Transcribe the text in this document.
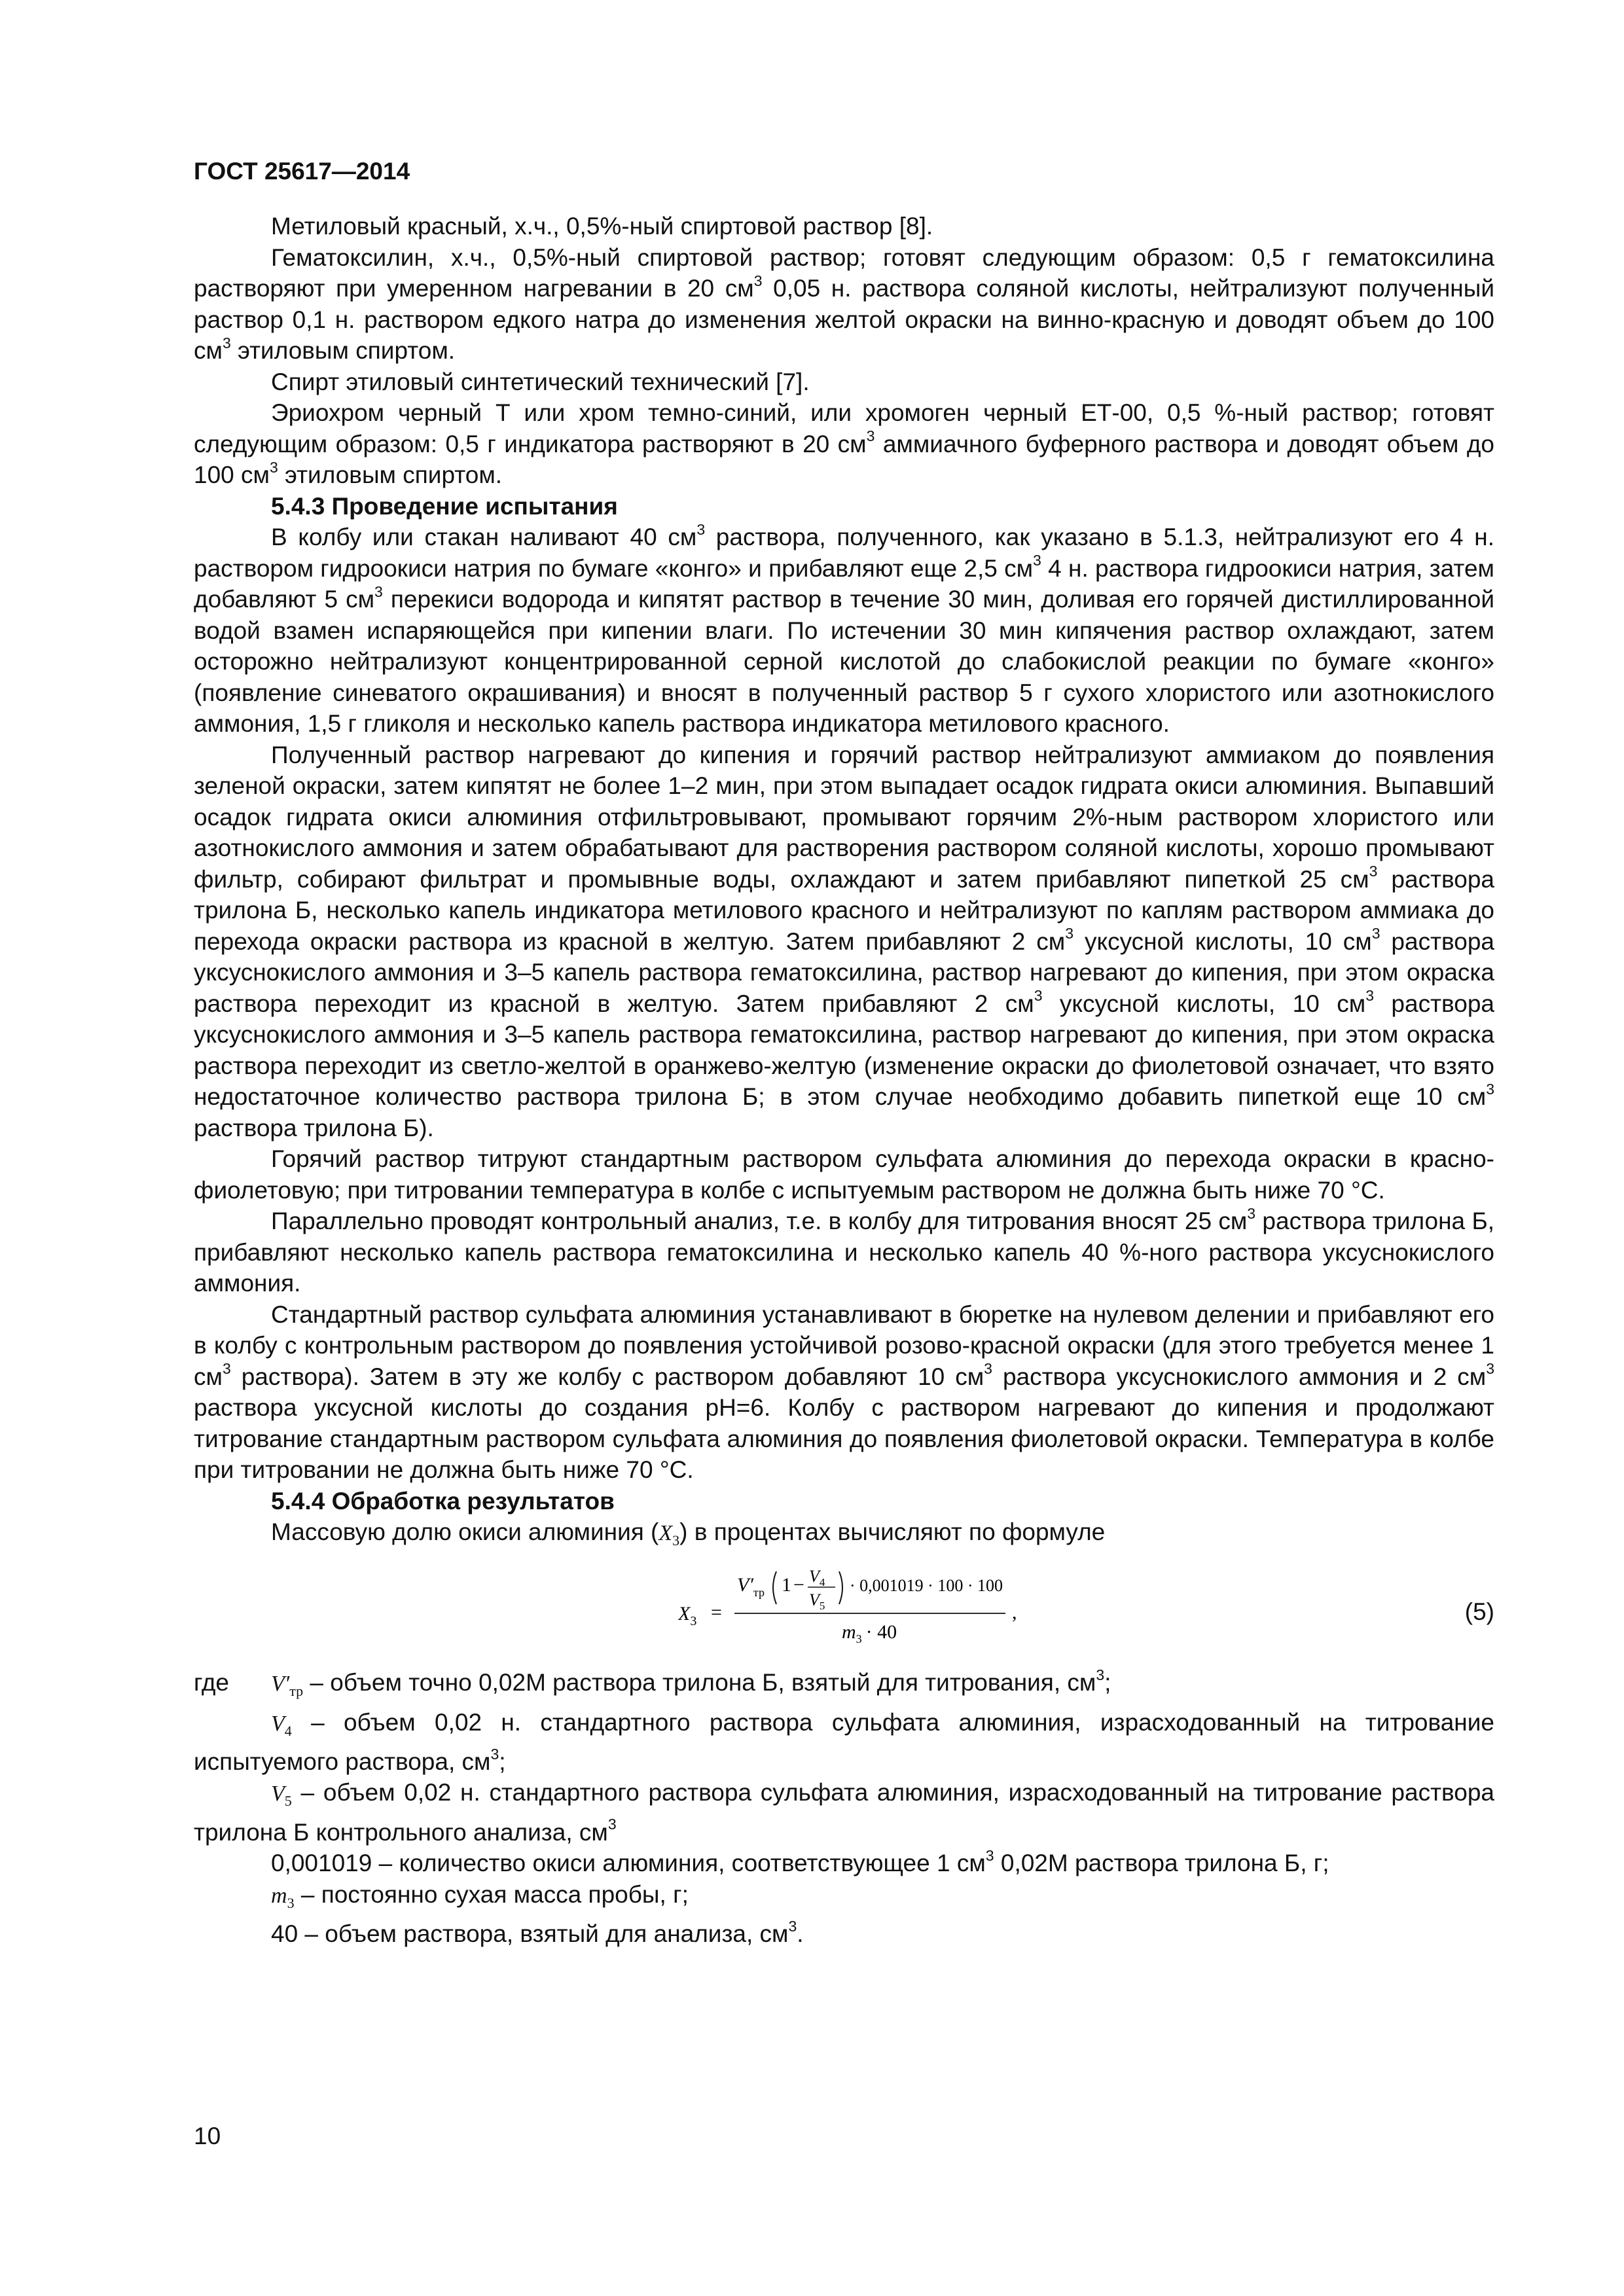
ГОСТ 25617—2014

Метиловый красный, х.ч., 0,5%-ный спиртовой раствор [8].

Гематоксилин, х.ч., 0,5%-ный спиртовой раствор; готовят следующим образом: 0,5 г гематоксилина растворяют при умеренном нагревании в 20 $см^3$ 0,05 н. раствора соляной кислоты, нейтрализуют полученный раствор 0,1 н. раствором едкого натра до изменения желтой окраски на винно-красную и доводят объем до 100 $см^3$ этиловым спиртом.

Спирт этиловый синтетический технический [7].

Эриохром черный Т или хром темно-синий, или хромоген черный ЕТ-00, 0,5 %-ный раствор; готовят следующим образом: 0,5 г индикатора растворяют в 20 $см^3$ аммиачного буферного раствора и доводят объем до 100 $см^3$ этиловым спиртом.

5.4.3 Проведение испытания

В колбу или стакан наливают 40 $см^3$ раствора, полученного, как указано в 5.1.3, нейтрализуют его 4 н. раствором гидроокиси натрия по бумаге «конго» и прибавляют еще 2,5 $см^3$ 4 н. раствора гидроокиси натрия, затем добавляют 5 $см^3$ перекиси водорода и кипятят раствор в течение 30 мин, доливая его горячей дистиллированной водой взамен испаряющейся при кипении влаги. По истечении 30 мин кипячения раствор охлаждают, затем осторожно нейтрализуют концентрированной серной кислотой до слабокислой реакции по бумаге «конго» (появление синеватого окрашивания) и вносят в полученный раствор 5 г сухого хлористого или азотнокислого аммония, 1,5 г гликоля и несколько капель раствора индикатора метилового красного.

Полученный раствор нагревают до кипения и горячий раствор нейтрализуют аммиаком до появления зеленой окраски, затем кипятят не более 1–2 мин, при этом выпадает осадок гидрата окиси алюминия. Выпавший осадок гидрата окиси алюминия отфильтровывают, промывают горячим 2%-ным раствором хлористого или азотнокислого аммония и затем обрабатывают для растворения раствором соляной кислоты, хорошо промывают фильтр, собирают фильтрат и промывные воды, охлаждают и затем прибавляют пипеткой 25 $см^3$ раствора трилона Б, несколько капель индикатора метилового красного и нейтрализуют по каплям раствором аммиака до перехода окраски раствора из красной в желтую. Затем прибавляют 2 $см^3$ уксусной кислоты, 10 $см^3$ раствора уксуснокислого аммония и 3–5 капель раствора гематоксилина, раствор нагревают до кипения, при этом окраска раствора переходит из красной в желтую. Затем прибавляют 2 $см^3$ уксусной кислоты, 10 $см^3$ раствора уксуснокислого аммония и 3–5 капель раствора гематоксилина, раствор нагревают до кипения, при этом окраска раствора переходит из светло-желтой в оранжево-желтую (изменение окраски до фиолетовой означает, что взято недостаточное количество раствора трилона Б; в этом случае необходимо добавить пипеткой еще 10 $см^3$ раствора трилона Б).

Горячий раствор титруют стандартным раствором сульфата алюминия до перехода окраски в красно-фиолетовую; при титровании температура в колбе с испытуемым раствором не должна быть ниже 70 °С.

Параллельно проводят контрольный анализ, т.е. в колбу для титрования вносят 25 $см^3$ раствора трилона Б, прибавляют несколько капель раствора гематоксилина и несколько капель 40 %-ного раствора уксуснокислого аммония.

Стандартный раствор сульфата алюминия устанавливают в бюретке на нулевом делении и прибавляют его в колбу с контрольным раствором до появления устойчивой розово-красной окраски (для этого требуется менее 1 $см^3$ раствора). Затем в эту же колбу с раствором добавляют 10 $см^3$ раствора уксуснокислого аммония и 2 $см^3$ раствора уксусной кислоты до создания рН=6. Колбу с раствором нагревают до кипения и продолжают титрование стандартным раствором сульфата алюминия до появления фиолетовой окраски. Температура в колбе при титровании не должна быть ниже 70 °С.

5.4.4 Обработка результатов

Массовую долю окиси алюминия $(X_3)$ в процентах вычисляют по формуле

$X_3$ =
$V'_{тр}$ $1 - V_4$
$V_5$
· 0,001019 · 100 · 100
$m_3 \cdot 40$
,	(5)

где $V'_{тр}$ – объем точно 0,02М раствора трилона Б, взятый для титрования, $см^3$;

$V_4$ – объем 0,02 н. стандартного раствора сульфата алюминия, израсходованный на титрование испытуемого раствора, $см^3$;

$V_5$ – объем 0,02 н. стандартного раствора сульфата алюминия, израсходованный на титрование раствора трилона Б контрольного анализа, $см^3$

0,001019 – количество окиси алюминия, соответствующее 1 $см^3$ 0,02М раствора трилона Б, г;

$m_3$ – постоянно сухая масса пробы, г;

40 – объем раствора, взятый для анализа, $см^3$.

10
